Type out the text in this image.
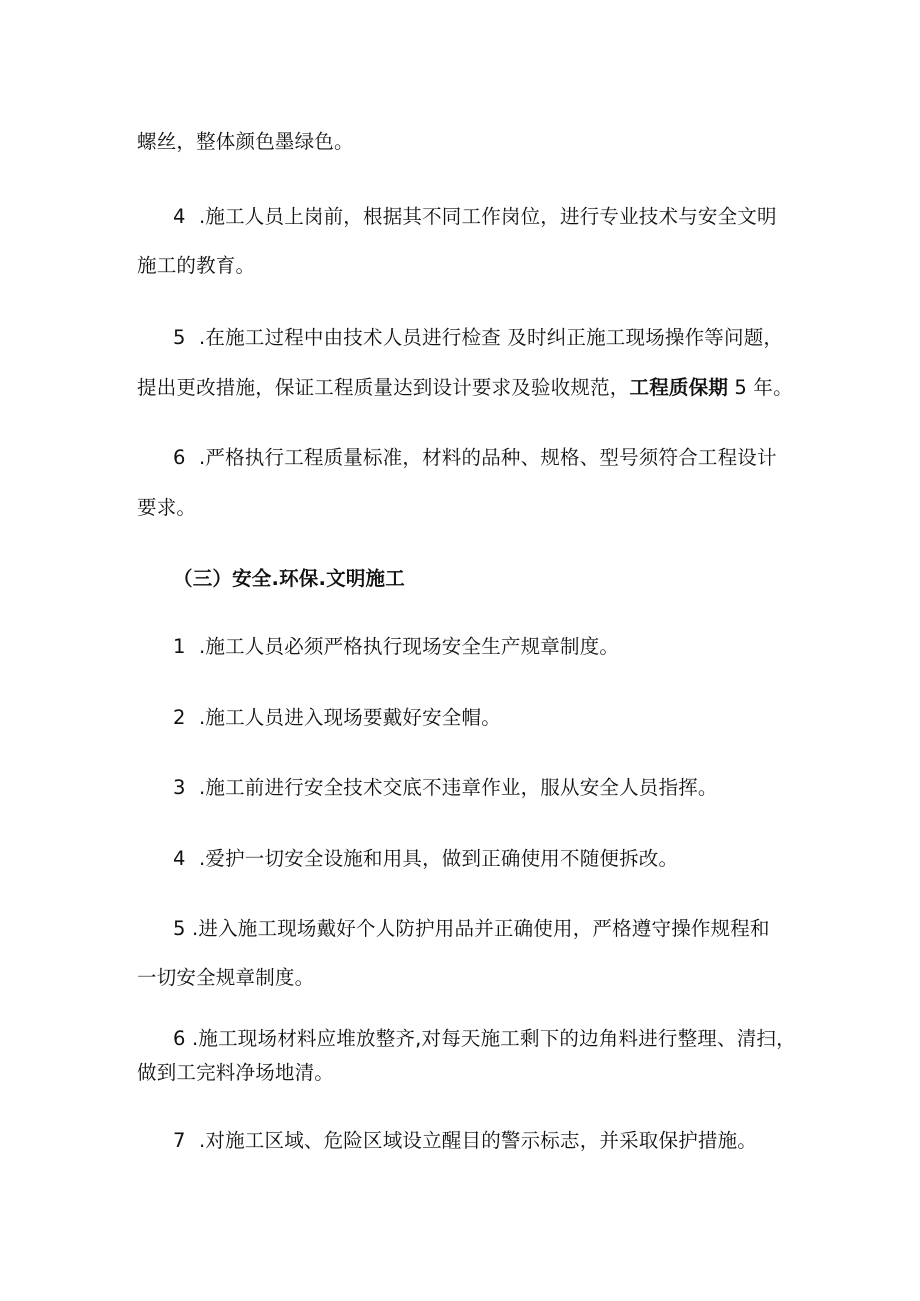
螺丝，整体颜色墨绿色。
4 .施工人员上岗前，根据其不同工作岗位，进行专业技术与安全文明
施工的教育。
5 .在施工过程中由技术人员进行检查 及时纠正施工现场操作等问题，
提出更改措施，保证工程质量达到设计要求及验收规范，工程质保期 5 年。
6 .严格执行工程质量标准，材料的品种、规格、型号须符合工程设计
要求。
（三）安全.环保.文明施工
1 .施工人员必须严格执行现场安全生产规章制度。
2 .施工人员进入现场要戴好安全帽。
3 .施工前进行安全技术交底不违章作业，服从安全人员指挥。
4 .爱护一切安全设施和用具，做到正确使用不随便拆改。
5 .进入施工现场戴好个人防护用品并正确使用，严格遵守操作规程和
一切安全规章制度。
6 .施工现场材料应堆放整齐,对每天施工剩下的边角料进行整理、清扫，
做到工完料净场地清。
7 .对施工区域、危险区域设立醒目的警示标志，并采取保护措施。
